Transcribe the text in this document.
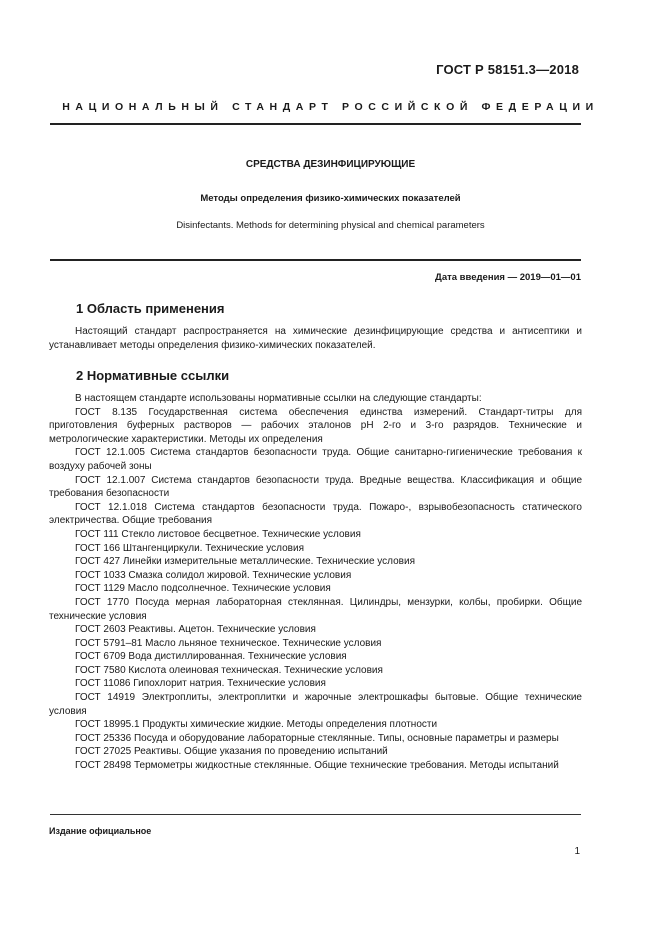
ГОСТ Р 58151.3—2018
НАЦИОНАЛЬНЫЙ СТАНДАРТ РОССИЙСКОЙ ФЕДЕРАЦИИ
СРЕДСТВА ДЕЗИНФИЦИРУЮЩИЕ
Методы определения физико-химических показателей
Disinfectants. Methods for determining physical and chemical parameters
Дата введения — 2019—01—01
1 Область применения

Настоящий стандарт распространяется на химические дезинфицирующие средства и антисептики и устанавливает методы определения физико-химических показателей.

2 Нормативные ссылки

В настоящем стандарте использованы нормативные ссылки на следующие стандарты:

ГОСТ 8.135 Государственная система обеспечения единства измерений. Стандарт-титры для приготовления буферных растворов — рабочих эталонов pH 2-го и 3-го разрядов. Технические и метрологические характеристики. Методы их определения

ГОСТ 12.1.005 Система стандартов безопасности труда. Общие санитарно-гигиенические требования к воздуху рабочей зоны

ГОСТ 12.1.007 Система стандартов безопасности труда. Вредные вещества. Классификация и общие требования безопасности

ГОСТ 12.1.018 Система стандартов безопасности труда. Пожаро-, взрывобезопасность статического электричества. Общие требования

ГОСТ 111 Стекло листовое бесцветное. Технические условия

ГОСТ 166 Штангенциркули. Технические условия

ГОСТ 427 Линейки измерительные металлические. Технические условия

ГОСТ 1033 Смазка солидол жировой. Технические условия

ГОСТ 1129 Масло подсолнечное. Технические условия

ГОСТ 1770 Посуда мерная лабораторная стеклянная. Цилиндры, мензурки, колбы, пробирки. Общие технические условия

ГОСТ 2603 Реактивы. Ацетон. Технические условия

ГОСТ 5791–81 Масло льняное техническое. Технические условия

ГОСТ 6709 Вода дистиллированная. Технические условия

ГОСТ 7580 Кислота олеиновая техническая. Технические условия

ГОСТ 11086 Гипохлорит натрия. Технические условия

ГОСТ 14919 Электроплиты, электроплитки и жарочные электрошкафы бытовые. Общие технические условия

ГОСТ 18995.1 Продукты химические жидкие. Методы определения плотности

ГОСТ 25336 Посуда и оборудование лабораторные стеклянные. Типы, основные параметры и размеры

ГОСТ 27025 Реактивы. Общие указания по проведению испытаний

ГОСТ 28498 Термометры жидкостные стеклянные. Общие технические требования. Методы испытаний

Издание официальное
1
